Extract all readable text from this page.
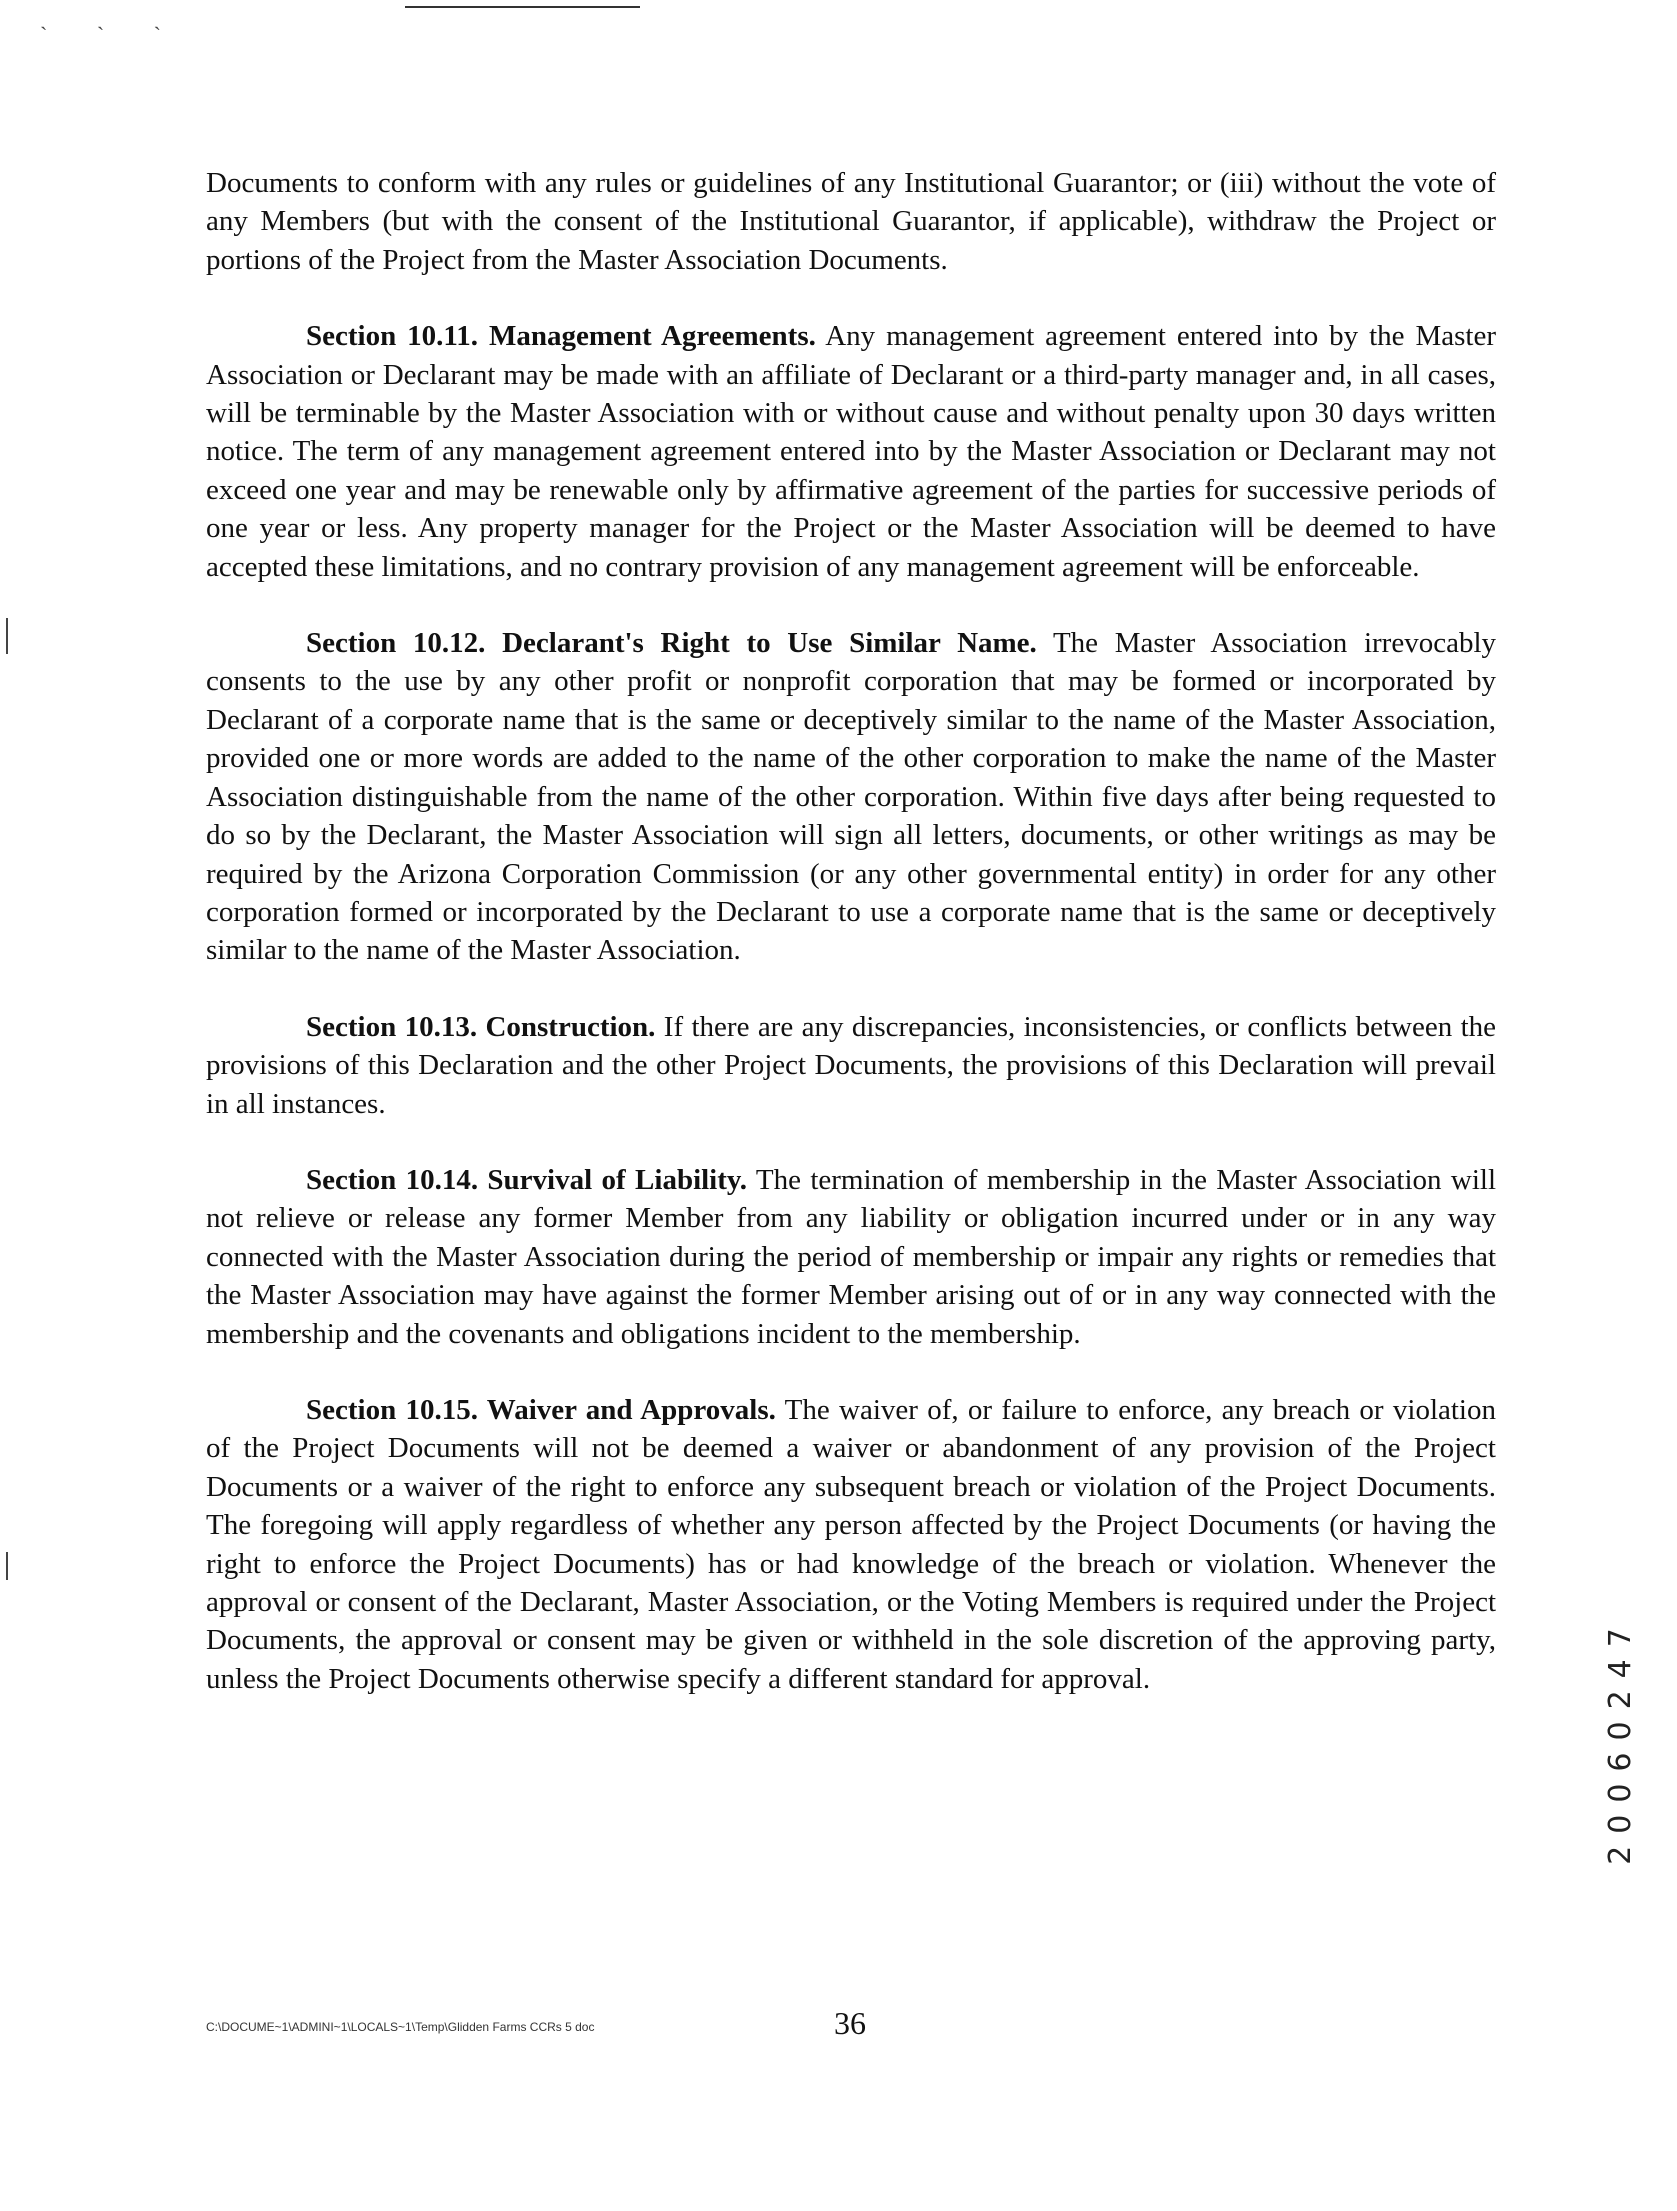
` ` `

Documents to conform with any rules or guidelines of any Institutional Guarantor; or (iii) without the vote of any Members (but with the consent of the Institutional Guarantor, if applicable), withdraw the Project or portions of the Project from the Master Association Documents.

Section 10.11. Management Agreements. Any management agreement entered into by the Master Association or Declarant may be made with an affiliate of Declarant or a third-party manager and, in all cases, will be terminable by the Master Association with or without cause and without penalty upon 30 days written notice. The term of any management agreement entered into by the Master Association or Declarant may not exceed one year and may be renewable only by affirmative agreement of the parties for successive periods of one year or less. Any property manager for the Project or the Master Association will be deemed to have accepted these limitations, and no contrary provision of any management agreement will be enforceable.

Section 10.12. Declarant's Right to Use Similar Name. The Master Association irrevocably consents to the use by any other profit or nonprofit corporation that may be formed or incorporated by Declarant of a corporate name that is the same or deceptively similar to the name of the Master Association, provided one or more words are added to the name of the other corporation to make the name of the Master Association distinguishable from the name of the other corporation. Within five days after being requested to do so by the Declarant, the Master Association will sign all letters, documents, or other writings as may be required by the Arizona Corporation Commission (or any other governmental entity) in order for any other corporation formed or incorporated by the Declarant to use a corporate name that is the same or deceptively similar to the name of the Master Association.

Section 10.13. Construction. If there are any discrepancies, inconsistencies, or conflicts between the provisions of this Declaration and the other Project Documents, the provisions of this Declaration will prevail in all instances.

Section 10.14. Survival of Liability. The termination of membership in the Master Association will not relieve or release any former Member from any liability or obligation incurred under or in any way connected with the Master Association during the period of membership or impair any rights or remedies that the Master Association may have against the former Member arising out of or in any way connected with the membership and the covenants and obligations incident to the membership.

Section 10.15. Waiver and Approvals. The waiver of, or failure to enforce, any breach or violation of the Project Documents will not be deemed a waiver or abandonment of any provision of the Project Documents or a waiver of the right to enforce any subsequent breach or violation of the Project Documents. The foregoing will apply regardless of whether any person affected by the Project Documents (or having the right to enforce the Project Documents) has or had knowledge of the breach or violation. Whenever the approval or consent of the Declarant, Master Association, or the Voting Members is required under the Project Documents, the approval or consent may be given or withheld in the sole discretion of the approving party, unless the Project Documents otherwise specify a different standard for approval.	20060247
C:\DOCUME~1\ADMINI~1\LOCALS~1\Temp\Glidden Farms CCRs 5 doc	36
